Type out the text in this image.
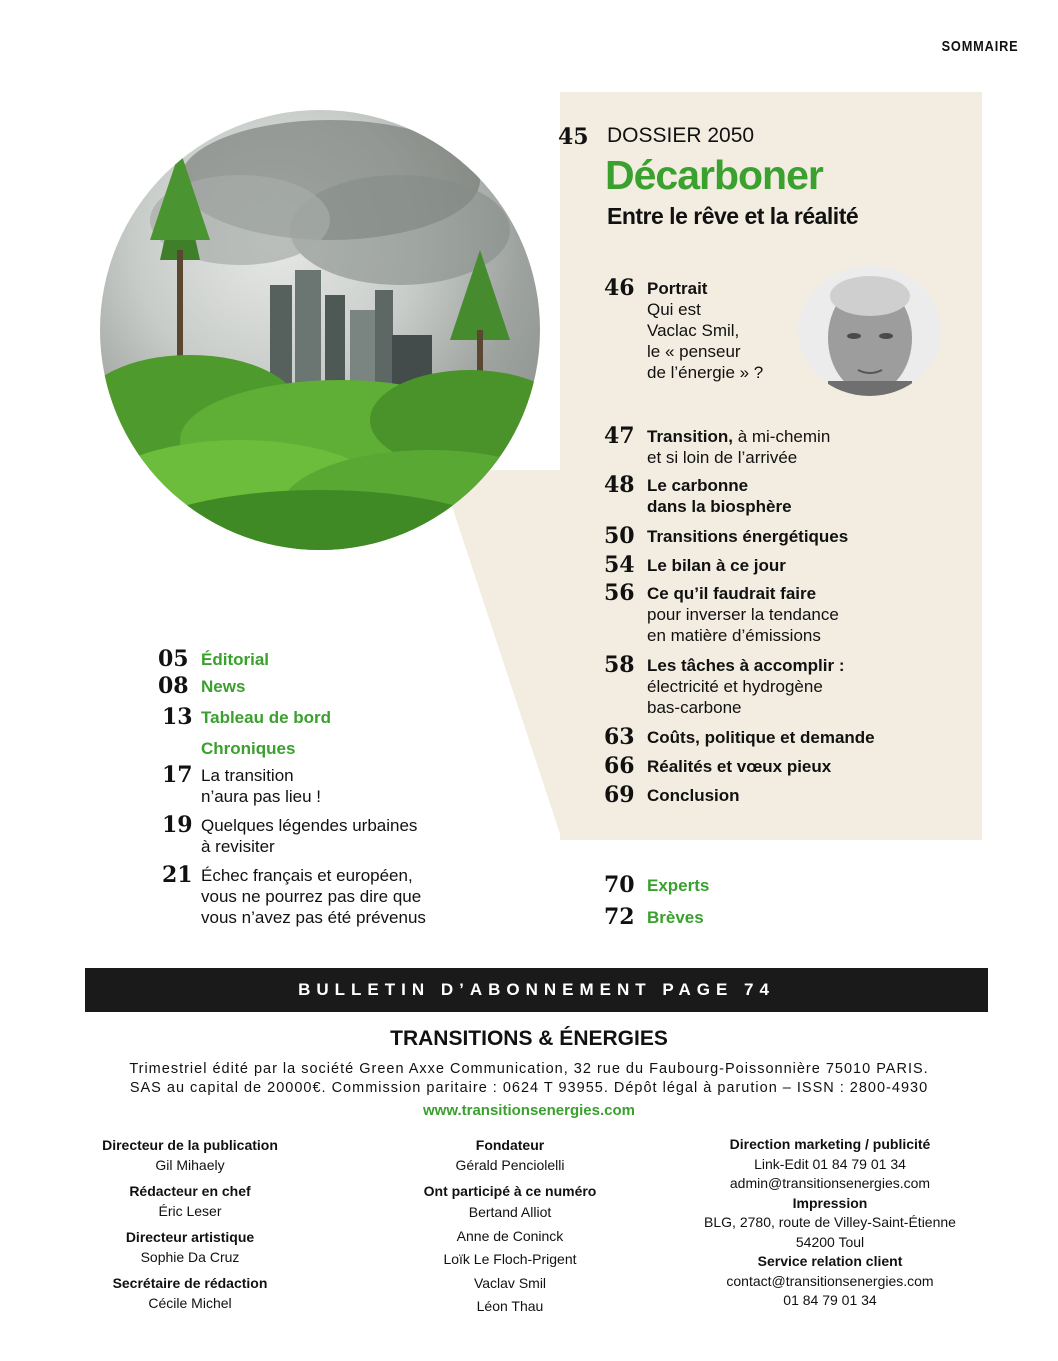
SOMMAIRE
45 DOSSIER 2050
Décarboner
Entre le rêve et la réalité
46 Portrait
Qui est
Vaclac Smil,
le « penseur
de l’énergie » ?
47 Transition, à mi-chemin
et si loin de l’arrivée
48 Le carbonne
dans la biosphère
50 Transitions énergétiques
54 Le bilan à ce jour
56 Ce qu’il faudrait faire
pour inverser la tendance
en matière d’émissions
58 Les tâches à accomplir :
électricité et hydrogène
bas-carbone
63 Coûts, politique et demande
66 Réalités et vœux pieux
69 Conclusion
70 Experts
72 Brèves
05 Éditorial
08 News
13 Tableau de bord
Chroniques
17 La transition
n’aura pas lieu !
19 Quelques légendes urbaines
à revisiter
21 Échec français et européen,
vous ne pourrez pas dire que
vous n’avez pas été prévenus
BULLETIN D’ABONNEMENT PAGE 74
TRANSITIONS & ÉNERGIES
Trimestriel édité par la société Green Axxe Communication, 32 rue du Faubourg-Poissonnière 75010 PARIS.
SAS au capital de 20000€. Commission paritaire : 0624 T 93955. Dépôt légal à parution – ISSN : 2800-4930
www.transitionsenergies.com
Directeur de la publication
Gil Mihaely
Rédacteur en chef
Éric Leser
Directeur artistique
Sophie Da Cruz
Secrétaire de rédaction
Cécile Michel
Fondateur
Gérald Penciolelli
Ont participé à ce numéro
Bertand Alliot
Anne de Coninck
Loïk Le Floch-Prigent
Vaclav Smil
Léon Thau
Direction marketing / publicité
Link-Edit 01 84 79 01 34
admin@transitionsenergies.com
Impression
BLG, 2780, route de Villey-Saint-Étienne
54200 Toul
Service relation client
contact@transitionsenergies.com
01 84 79 01 34
